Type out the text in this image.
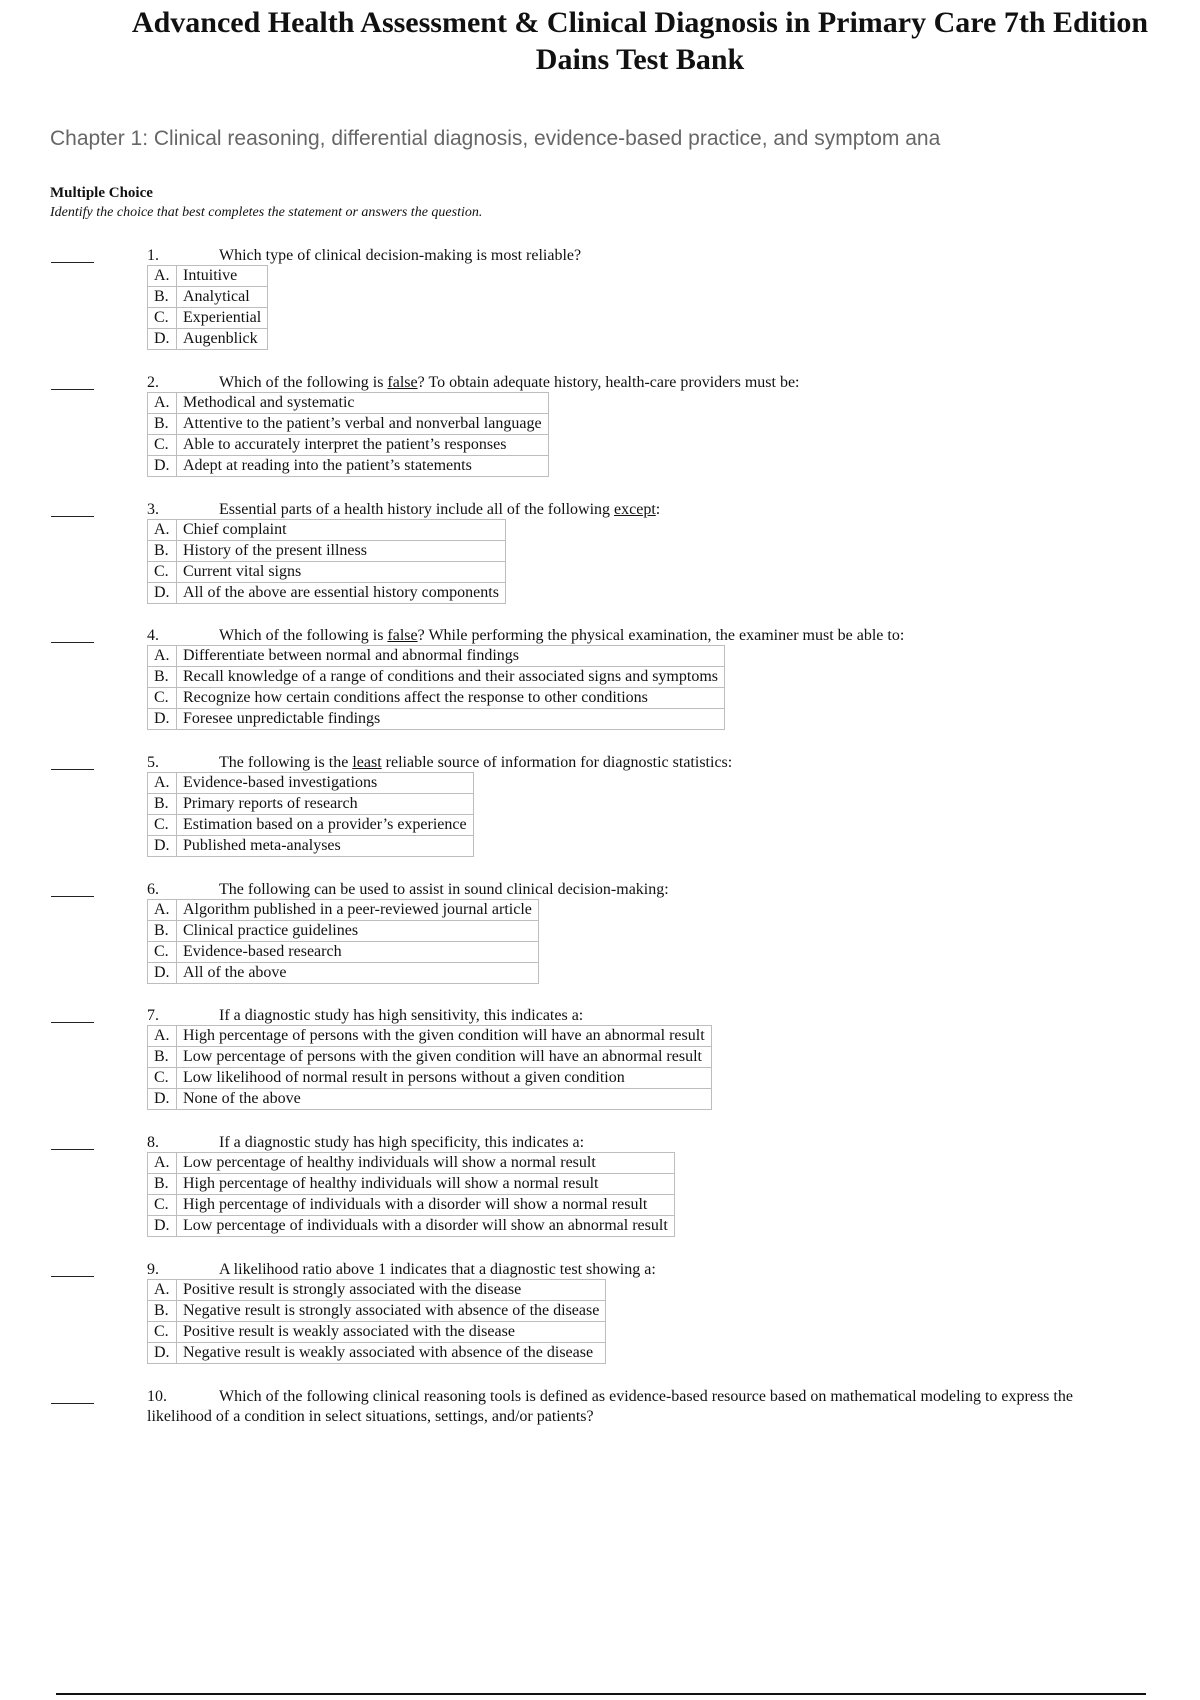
Advanced Health Assessment & Clinical Diagnosis in Primary Care 7th Edition
Dains Test Bank
Chapter 1: Clinical reasoning, differential diagnosis, evidence-based practice, and symptom ana
Multiple Choice
Identify the choice that best completes the statement or answers the question.
1.	Which type of clinical decision-making is most reliable?
A.	Intuitive
B.	Analytical
C.	Experiential
D.	Augenblick
2.	Which of the following is false? To obtain adequate history, health-care providers must be:
A.	Methodical and systematic
B.	Attentive to the patient’s verbal and nonverbal language
C.	Able to accurately interpret the patient’s responses
D.	Adept at reading into the patient’s statements
3.	Essential parts of a health history include all of the following except:
A.	Chief complaint
B.	History of the present illness
C.	Current vital signs
D.	All of the above are essential history components
4.	Which of the following is false? While performing the physical examination, the examiner must be able to:
A.	Differentiate between normal and abnormal findings
B.	Recall knowledge of a range of conditions and their associated signs and symptoms
C.	Recognize how certain conditions affect the response to other conditions
D.	Foresee unpredictable findings
5.	The following is the least reliable source of information for diagnostic statistics:
A.	Evidence-based investigations
B.	Primary reports of research
C.	Estimation based on a provider’s experience
D.	Published meta-analyses
6.	The following can be used to assist in sound clinical decision-making:
A.	Algorithm published in a peer-reviewed journal article
B.	Clinical practice guidelines
C.	Evidence-based research
D.	All of the above
7.	If a diagnostic study has high sensitivity, this indicates a:
A.	High percentage of persons with the given condition will have an abnormal result
B.	Low percentage of persons with the given condition will have an abnormal result
C.	Low likelihood of normal result in persons without a given condition
D.	None of the above
8.	If a diagnostic study has high specificity, this indicates a:
A.	Low percentage of healthy individuals will show a normal result
B.	High percentage of healthy individuals will show a normal result
C.	High percentage of individuals with a disorder will show a normal result
D.	Low percentage of individuals with a disorder will show an abnormal result
9.	A likelihood ratio above 1 indicates that a diagnostic test showing a:
A.	Positive result is strongly associated with the disease
B.	Negative result is strongly associated with absence of the disease
C.	Positive result is weakly associated with the disease
D.	Negative result is weakly associated with absence of the disease
10.	Which of the following clinical reasoning tools is defined as evidence-based resource based on mathematical modeling to express the likelihood of a condition in select situations, settings, and/or patients?
